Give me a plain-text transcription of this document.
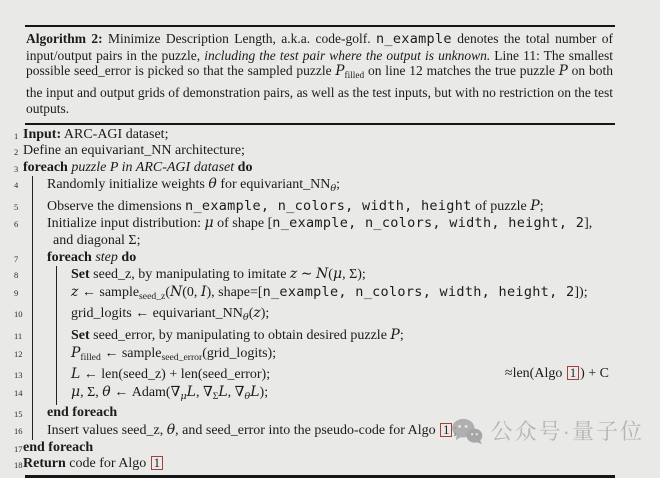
Algorithm 2: Minimize Description Length, a.k.a. code-golf. n_example denotes the total number of input/output pairs in the puzzle, including the test pair where the output is unknown. Line 11: The smallest possible seed_error is picked so that the sampled puzzle $P_{filled}$ on line 12 matches the true puzzle P on both the input and output grids of demonstration pairs, as well as the test inputs, but with no restriction on the test outputs.
1 Input: ARC-AGI dataset;
2 Define an equivariant_NN architecture;
3 foreach puzzle P in ARC-AGI dataset do
4	Randomly initialize weights θ for $equivariant\_NN_\theta$;
5	Observe the dimensions n_example, n_colors, width, height of puzzle P;
6	Initialize input distribution: μ of shape [n_example, n_colors, width, height, 2],
and diagonal Σ;
7	foreach step do
8	Set seed_z, by manipulating to imitate z ∼ N(μ, Σ);
9	z ← sample$_{seed\_z}$(N(0, I), shape=[n_example, n_colors, width, height, 2]);
10	grid_logits ← $equivariant\_NN_\theta(z)$;
11	Set seed_error, by manipulating to obtain desired puzzle P;
12	$P_{filled}$ ← sample$_{seed\_error}$(grid_logits);
13	L ← len(seed_z) + len(seed_error);	≈len(Algo 1 ) + C
14	μ, Σ, θ ← $Adam(\nabla_\mu L$, $\nabla_\Sigma L$, $\nabla_\theta L$);
15 end foreach
16 Insert values seed_z, θ, and seed_error into the pseudo-code for Algo 1
17 end foreach
18 Return code for Algo 1
公众号·量子位
